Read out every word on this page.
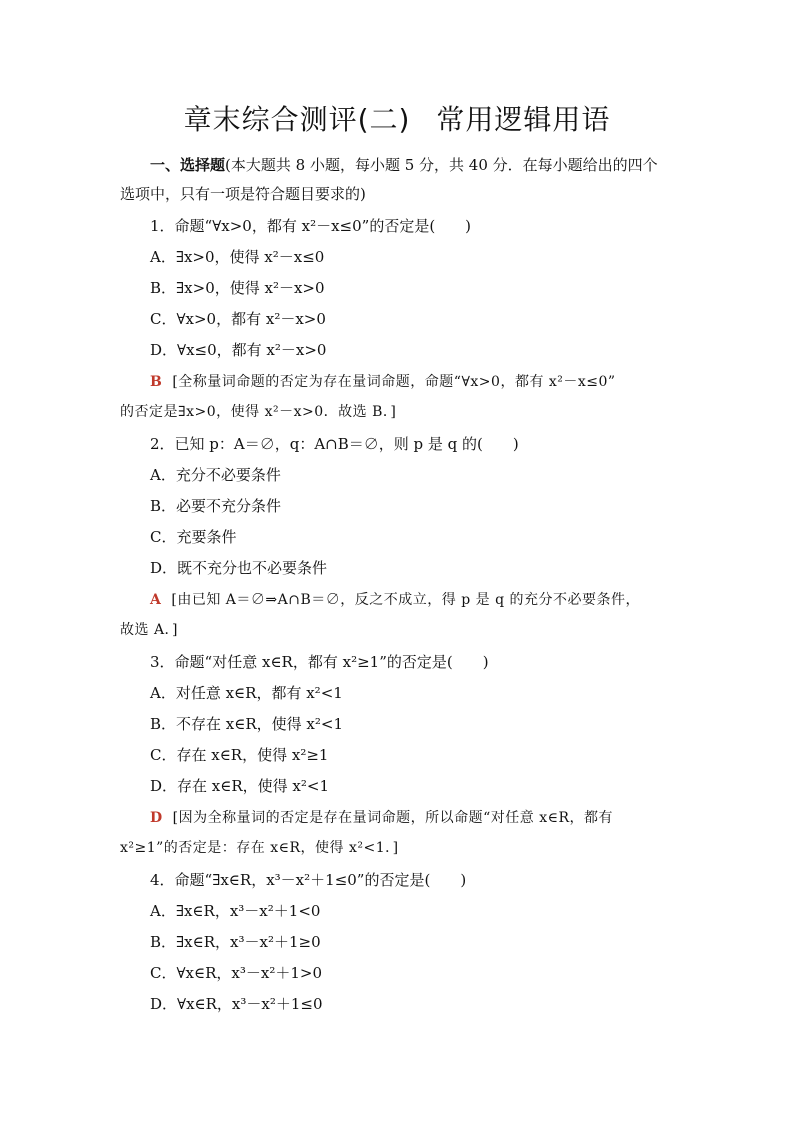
章末综合测评(二) 常用逻辑用语
一、选择题(本大题共 8 小题，每小题 5 分，共 40 分．在每小题给出的四个
选项中，只有一项是符合题目要求的)
1．命题“∀x>0，都有 x²－x≤0”的否定是(　　)
A．∃x>0，使得 x²－x≤0
B．∃x>0，使得 x²－x>0
C．∀x>0，都有 x²－x>0
D．∀x≤0，都有 x²－x>0
B [全称量词命题的否定为存在量词命题，命题“∀x>0，都有 x²－x≤0”
的否定是∃x>0，使得 x²－x>0．故选 B．]
2．已知 p：A＝∅，q：A∩B＝∅，则 p 是 q 的(　　)
A．充分不必要条件
B．必要不充分条件
C．充要条件
D．既不充分也不必要条件
A [由已知 A＝∅⇒A∩B＝∅，反之不成立，得 p 是 q 的充分不必要条件，
故选 A．]
3．命题“对任意 x∈R，都有 x²≥1”的否定是(　　)
A．对任意 x∈R，都有 x²<1
B．不存在 x∈R，使得 x²<1
C．存在 x∈R，使得 x²≥1
D．存在 x∈R，使得 x²<1
D [因为全称量词的否定是存在量词命题，所以命题“对任意 x∈R，都有
x²≥1”的否定是：存在 x∈R，使得 x²<1．]
4．命题“∃x∈R，x³－x²＋1≤0”的否定是(　　)
A．∃x∈R，x³－x²＋1<0
B．∃x∈R，x³－x²＋1≥0
C．∀x∈R，x³－x²＋1>0
D．∀x∈R，x³－x²＋1≤0
